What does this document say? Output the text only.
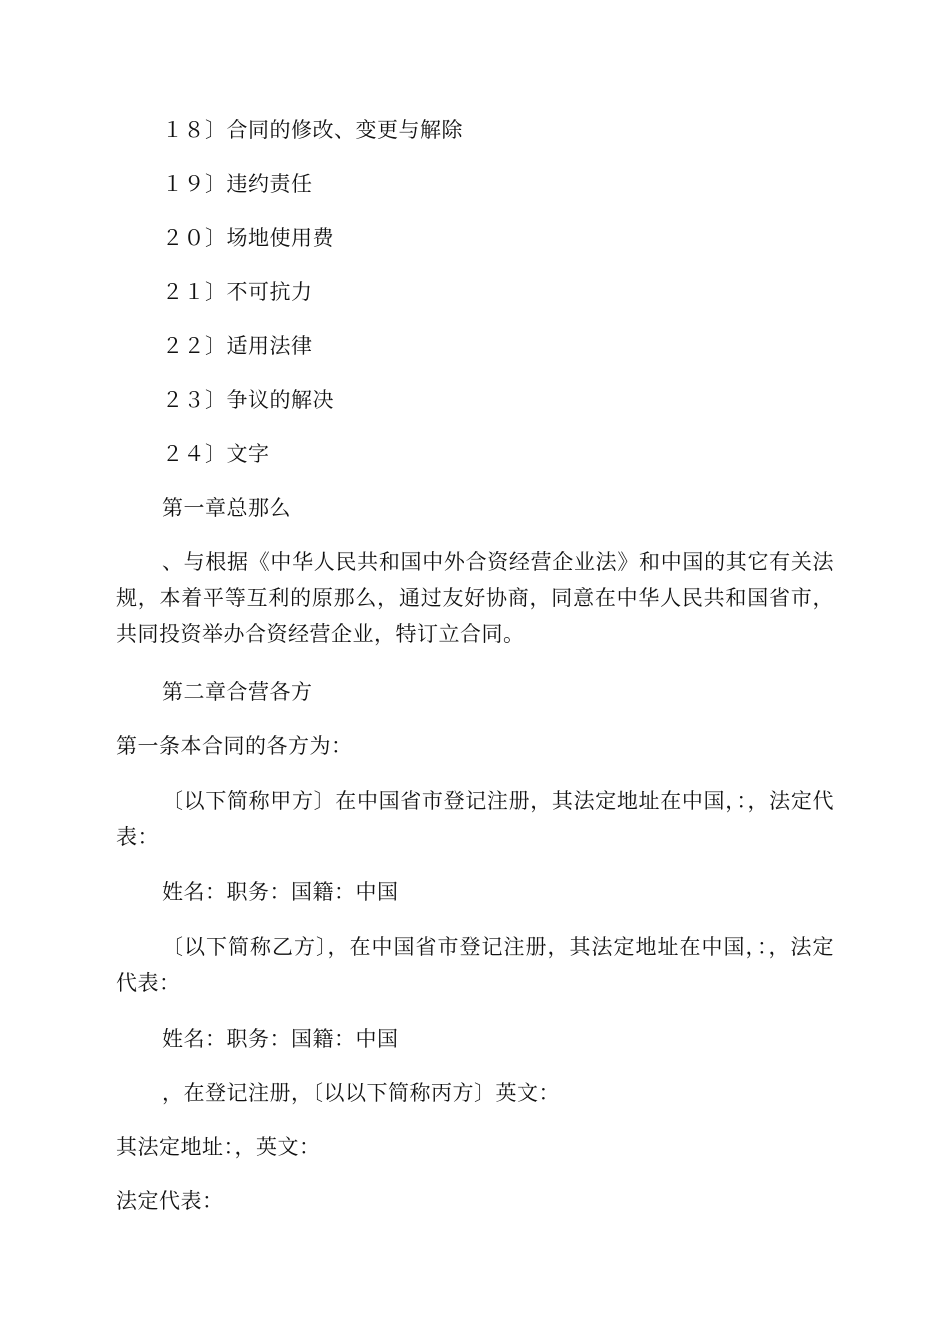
１８〕合同的修改、变更与解除
１９〕违约责任
２０〕场地使用费
２１〕不可抗力
２２〕适用法律
２３〕争议的解决
２４〕文字
第一章总那么
、与根据《中华人民共和国中外合资经营企业法》和中国的其它有关法规，本着平等互利的原那么，通过友好协商，同意在中华人民共和国省市，共同投资举办合资经营企业，特订立合同。
第二章合营各方
第一条本合同的各方为：
〔以下简称甲方〕在中国省市登记注册，其法定地址在中国，：，法定代表：
姓名：职务：国籍：中国
〔以下简称乙方〕，在中国省市登记注册，其法定地址在中国，：，法定代表：
姓名：职务：国籍：中国
，在登记注册，〔以以下简称丙方〕英文：
其法定地址：，英文：
法定代表：
